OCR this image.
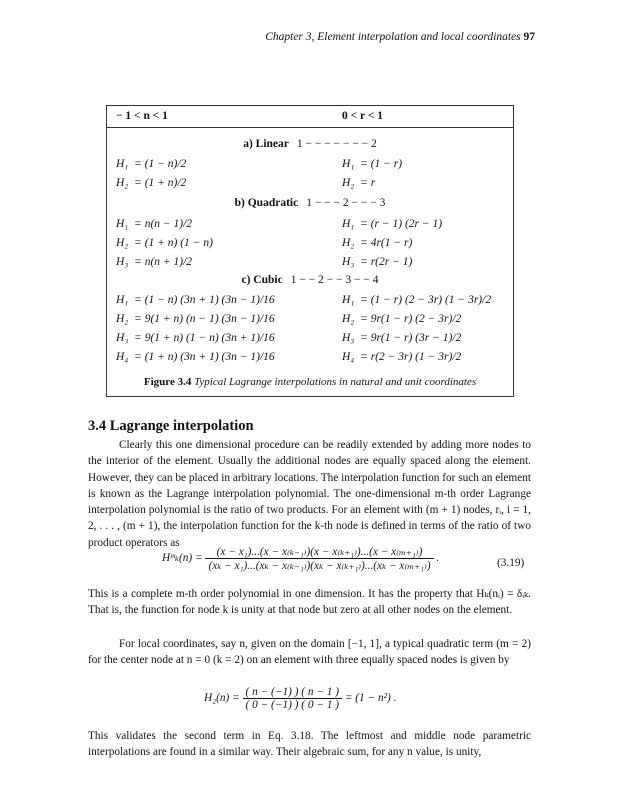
Chapter 3, Element interpolation and local coordinates 97
− 1 < n < 1	0 < r < 1
a) Linear 1 − − − − − − − 2
H₁  = (1 − n)/2
H₂  = (1 + n)/2
H₁  = (1 − r)
H₂  = r
b) Quadratic 1 − − − 2 − − − 3
H₁  = n(n − 1)/2
H₂  = (1 + n) (1 − n)
H₃  = n(n + 1)/2
H₁  = (r − 1) (2r − 1)
H₂  = 4r(1 − r)
H₃  = r(2r − 1)
c) Cubic 1 − − 2 − − 3 − − 4
H₁  = (1 − n) (3n + 1) (3n − 1)/16
H₂  = 9(1 + n) (n − 1) (3n − 1)/16
H₃  = 9(1 + n) (1 − n) (3n + 1)/16
H₄  = (1 + n) (3n + 1) (3n − 1)/16
H₁  = (1 − r) (2 − 3r) (1 − 3r)/2
H₂  = 9r(1 − r) (2 − 3r)/2
H₃  = 9r(1 − r) (3r − 1)/2
H₄  = r(2 − 3r) (1 − 3r)/2
Figure 3.4 Typical Lagrange interpolations in natural and unit coordinates
3.4 Lagrange interpolation

Clearly this one dimensional procedure can be readily extended by adding more nodes to the interior of the element. Usually the additional nodes are equally spaced along the element. However, they can be placed in arbitrary locations. The interpolation function for such an element is known as the Lagrange interpolation polynomial. The one-dimensional m-th order Lagrange interpolation polynomial is the ratio of two products. For an element with (m + 1) nodes, rᵢ, i = 1, 2, . . . , (m + 1), the interpolation function for the k-th node is defined in terms of the ratio of two product operators as

Hᵐₖ(n) = $\frac{\text{(x − x₁)...(x − x₍ₖ₋₁₎)(x − x₍ₖ₊₁₎)...(x − x₍ₘ₊₁₎)}}{\text{(xₖ − x₁)...(xₖ − x₍ₖ₋₁₎)(xₖ − x₍ₖ₊₁₎)...(xₖ − x₍ₘ₊₁₎)}}$ .	(3.19)

This is a complete m-th order polynomial in one dimension. It has the property that Hₖ(nᵢ) = δᵢₖ. That is, the function for node k is unity at that node but zero at all other nodes on the element.

For local coordinates, say n, given on the domain [−1, 1], a typical quadratic term (m = 2) for the center node at n = 0 (k = 2) on an element with three equally spaced nodes is given by

$H_2(n) = \frac{( n - (-1) ) ( n - 1 )}{( 0 - (-1) ) ( 0 - 1 )} = (1 - n^2)$ .

This validates the second term in Eq. 3.18. The leftmost and middle node parametric interpolations are found in a similar way. Their algebraic sum, for any n value, is unity,
